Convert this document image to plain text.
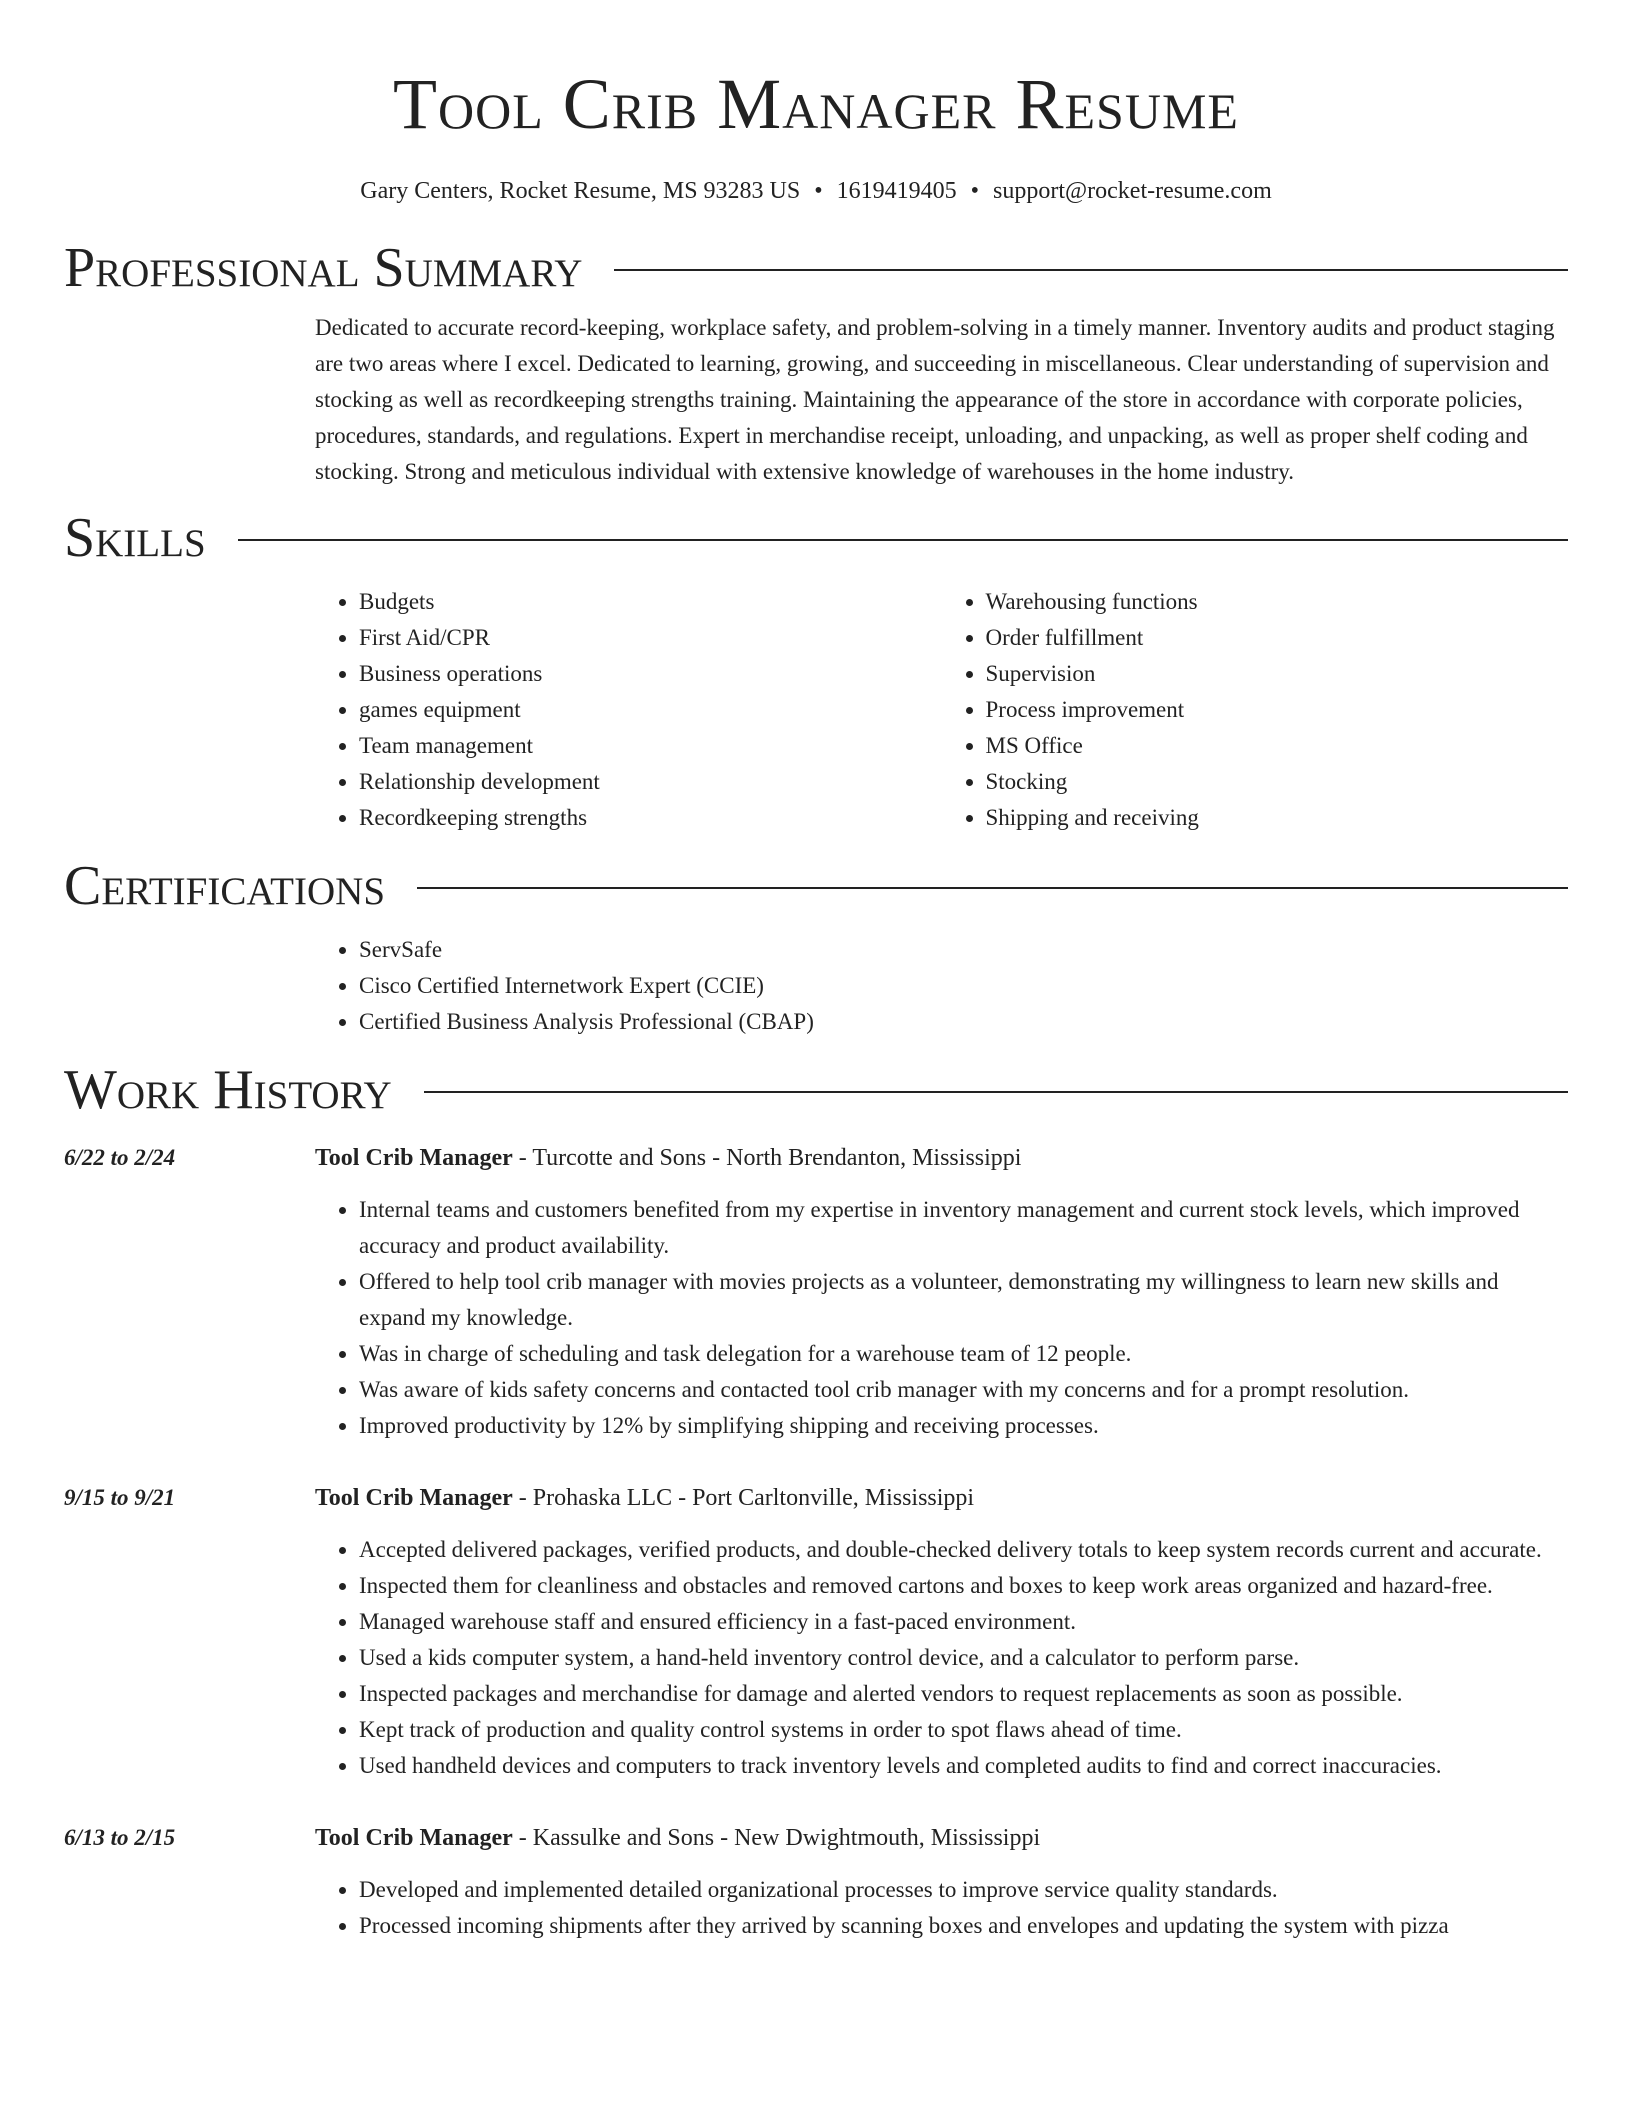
Tool Crib Manager Resume
Gary Centers, Rocket Resume, MS 93283 US • 1619419405 • support@rocket-resume.com
Professional Summary
Dedicated to accurate record-keeping, workplace safety, and problem-solving in a timely manner. Inventory audits and product staging are two areas where I excel. Dedicated to learning, growing, and succeeding in miscellaneous. Clear understanding of supervision and stocking as well as recordkeeping strengths training. Maintaining the appearance of the store in accordance with corporate policies, procedures, standards, and regulations. Expert in merchandise receipt, unloading, and unpacking, as well as proper shelf coding and stocking. Strong and meticulous individual with extensive knowledge of warehouses in the home industry.
Skills
• Budgets
• First Aid/CPR
• Business operations
• games equipment
• Team management
• Relationship development
• Recordkeeping strengths
• Warehousing functions
• Order fulfillment
• Supervision
• Process improvement
• MS Office
• Stocking
• Shipping and receiving
Certifications
• ServSafe
• Cisco Certified Internetwork Expert (CCIE)
• Certified Business Analysis Professional (CBAP)
Work History
6/22 to 2/24	Tool Crib Manager - Turcotte and Sons - North Brendanton, Mississippi
• Internal teams and customers benefited from my expertise in inventory management and current stock levels, which improved accuracy and product availability.
• Offered to help tool crib manager with movies projects as a volunteer, demonstrating my willingness to learn new skills and expand my knowledge.
• Was in charge of scheduling and task delegation for a warehouse team of 12 people.
• Was aware of kids safety concerns and contacted tool crib manager with my concerns and for a prompt resolution.
• Improved productivity by 12% by simplifying shipping and receiving processes.
9/15 to 9/21	Tool Crib Manager - Prohaska LLC - Port Carltonville, Mississippi
• Accepted delivered packages, verified products, and double-checked delivery totals to keep system records current and accurate.
• Inspected them for cleanliness and obstacles and removed cartons and boxes to keep work areas organized and hazard-free.
• Managed warehouse staff and ensured efficiency in a fast-paced environment.
• Used a kids computer system, a hand-held inventory control device, and a calculator to perform parse.
• Inspected packages and merchandise for damage and alerted vendors to request replacements as soon as possible.
• Kept track of production and quality control systems in order to spot flaws ahead of time.
• Used handheld devices and computers to track inventory levels and completed audits to find and correct inaccuracies.
6/13 to 2/15	Tool Crib Manager - Kassulke and Sons - New Dwightmouth, Mississippi
• Developed and implemented detailed organizational processes to improve service quality standards.
• Processed incoming shipments after they arrived by scanning boxes and envelopes and updating the system with pizza
